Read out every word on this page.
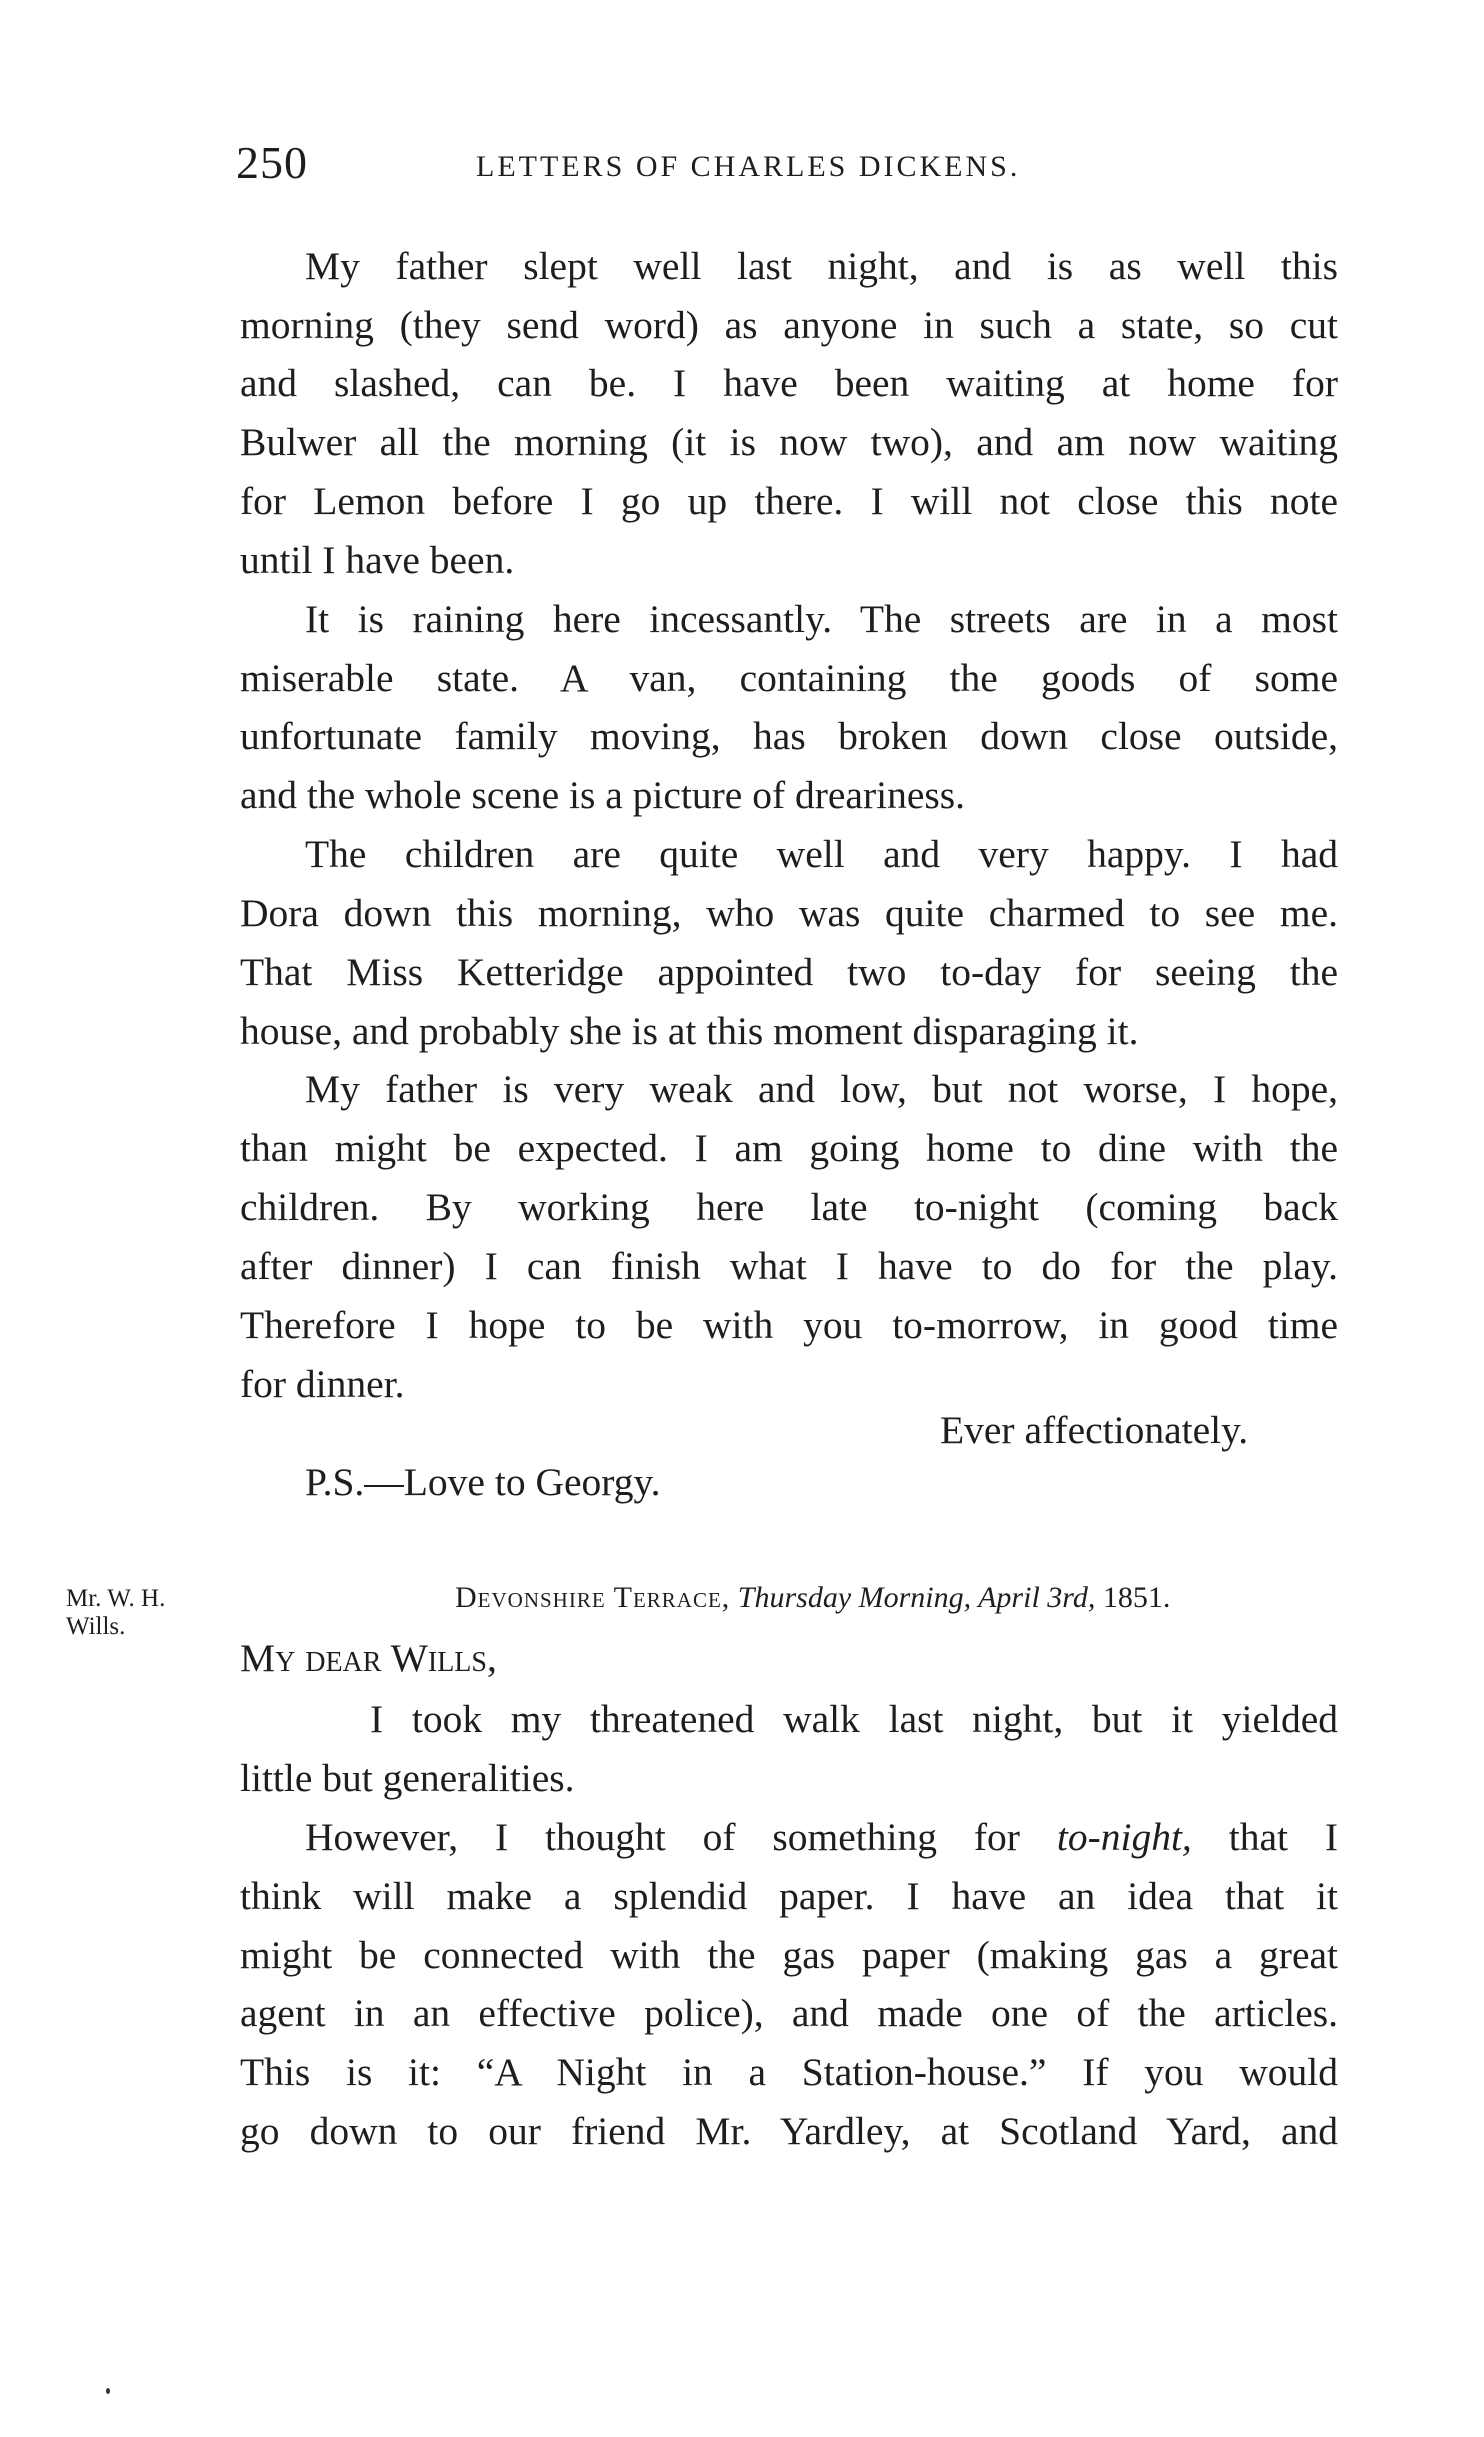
250	LETTERS OF CHARLES DICKENS.
My father slept well last night, and is as well this
morning (they send word) as anyone in such a state, so cut
and slashed, can be. I have been waiting at home for
Bulwer all the morning (it is now two), and am now waiting
for Lemon before I go up there. I will not close this note
until I have been.
It is raining here incessantly. The streets are in a most
miserable state. A van, containing the goods of some
unfortunate family moving, has broken down close outside,
and the whole scene is a picture of dreariness.
The children are quite well and very happy. I had
Dora down this morning, who was quite charmed to see me.
That Miss Ketteridge appointed two to-day for seeing the
house, and probably she is at this moment disparaging it.
My father is very weak and low, but not worse, I hope,
than might be expected. I am going home to dine with the
children. By working here late to-night (coming back
after dinner) I can finish what I have to do for the play.
Therefore I hope to be with you to-morrow, in good time
for dinner.
Ever affectionately.
P.S.—Love to Georgy.
Mr. W. H.
Wills.
Devonshire Terrace, Thursday Morning, April 3rd, 1851.
My dear Wills,
I took my threatened walk last night, but it yielded
little but generalities.
However, I thought of something for to-night, that I
think will make a splendid paper. I have an idea that it
might be connected with the gas paper (making gas a great
agent in an effective police), and made one of the articles.
This is it: “A Night in a Station-house.” If you would
go down to our friend Mr. Yardley, at Scotland Yard, and
